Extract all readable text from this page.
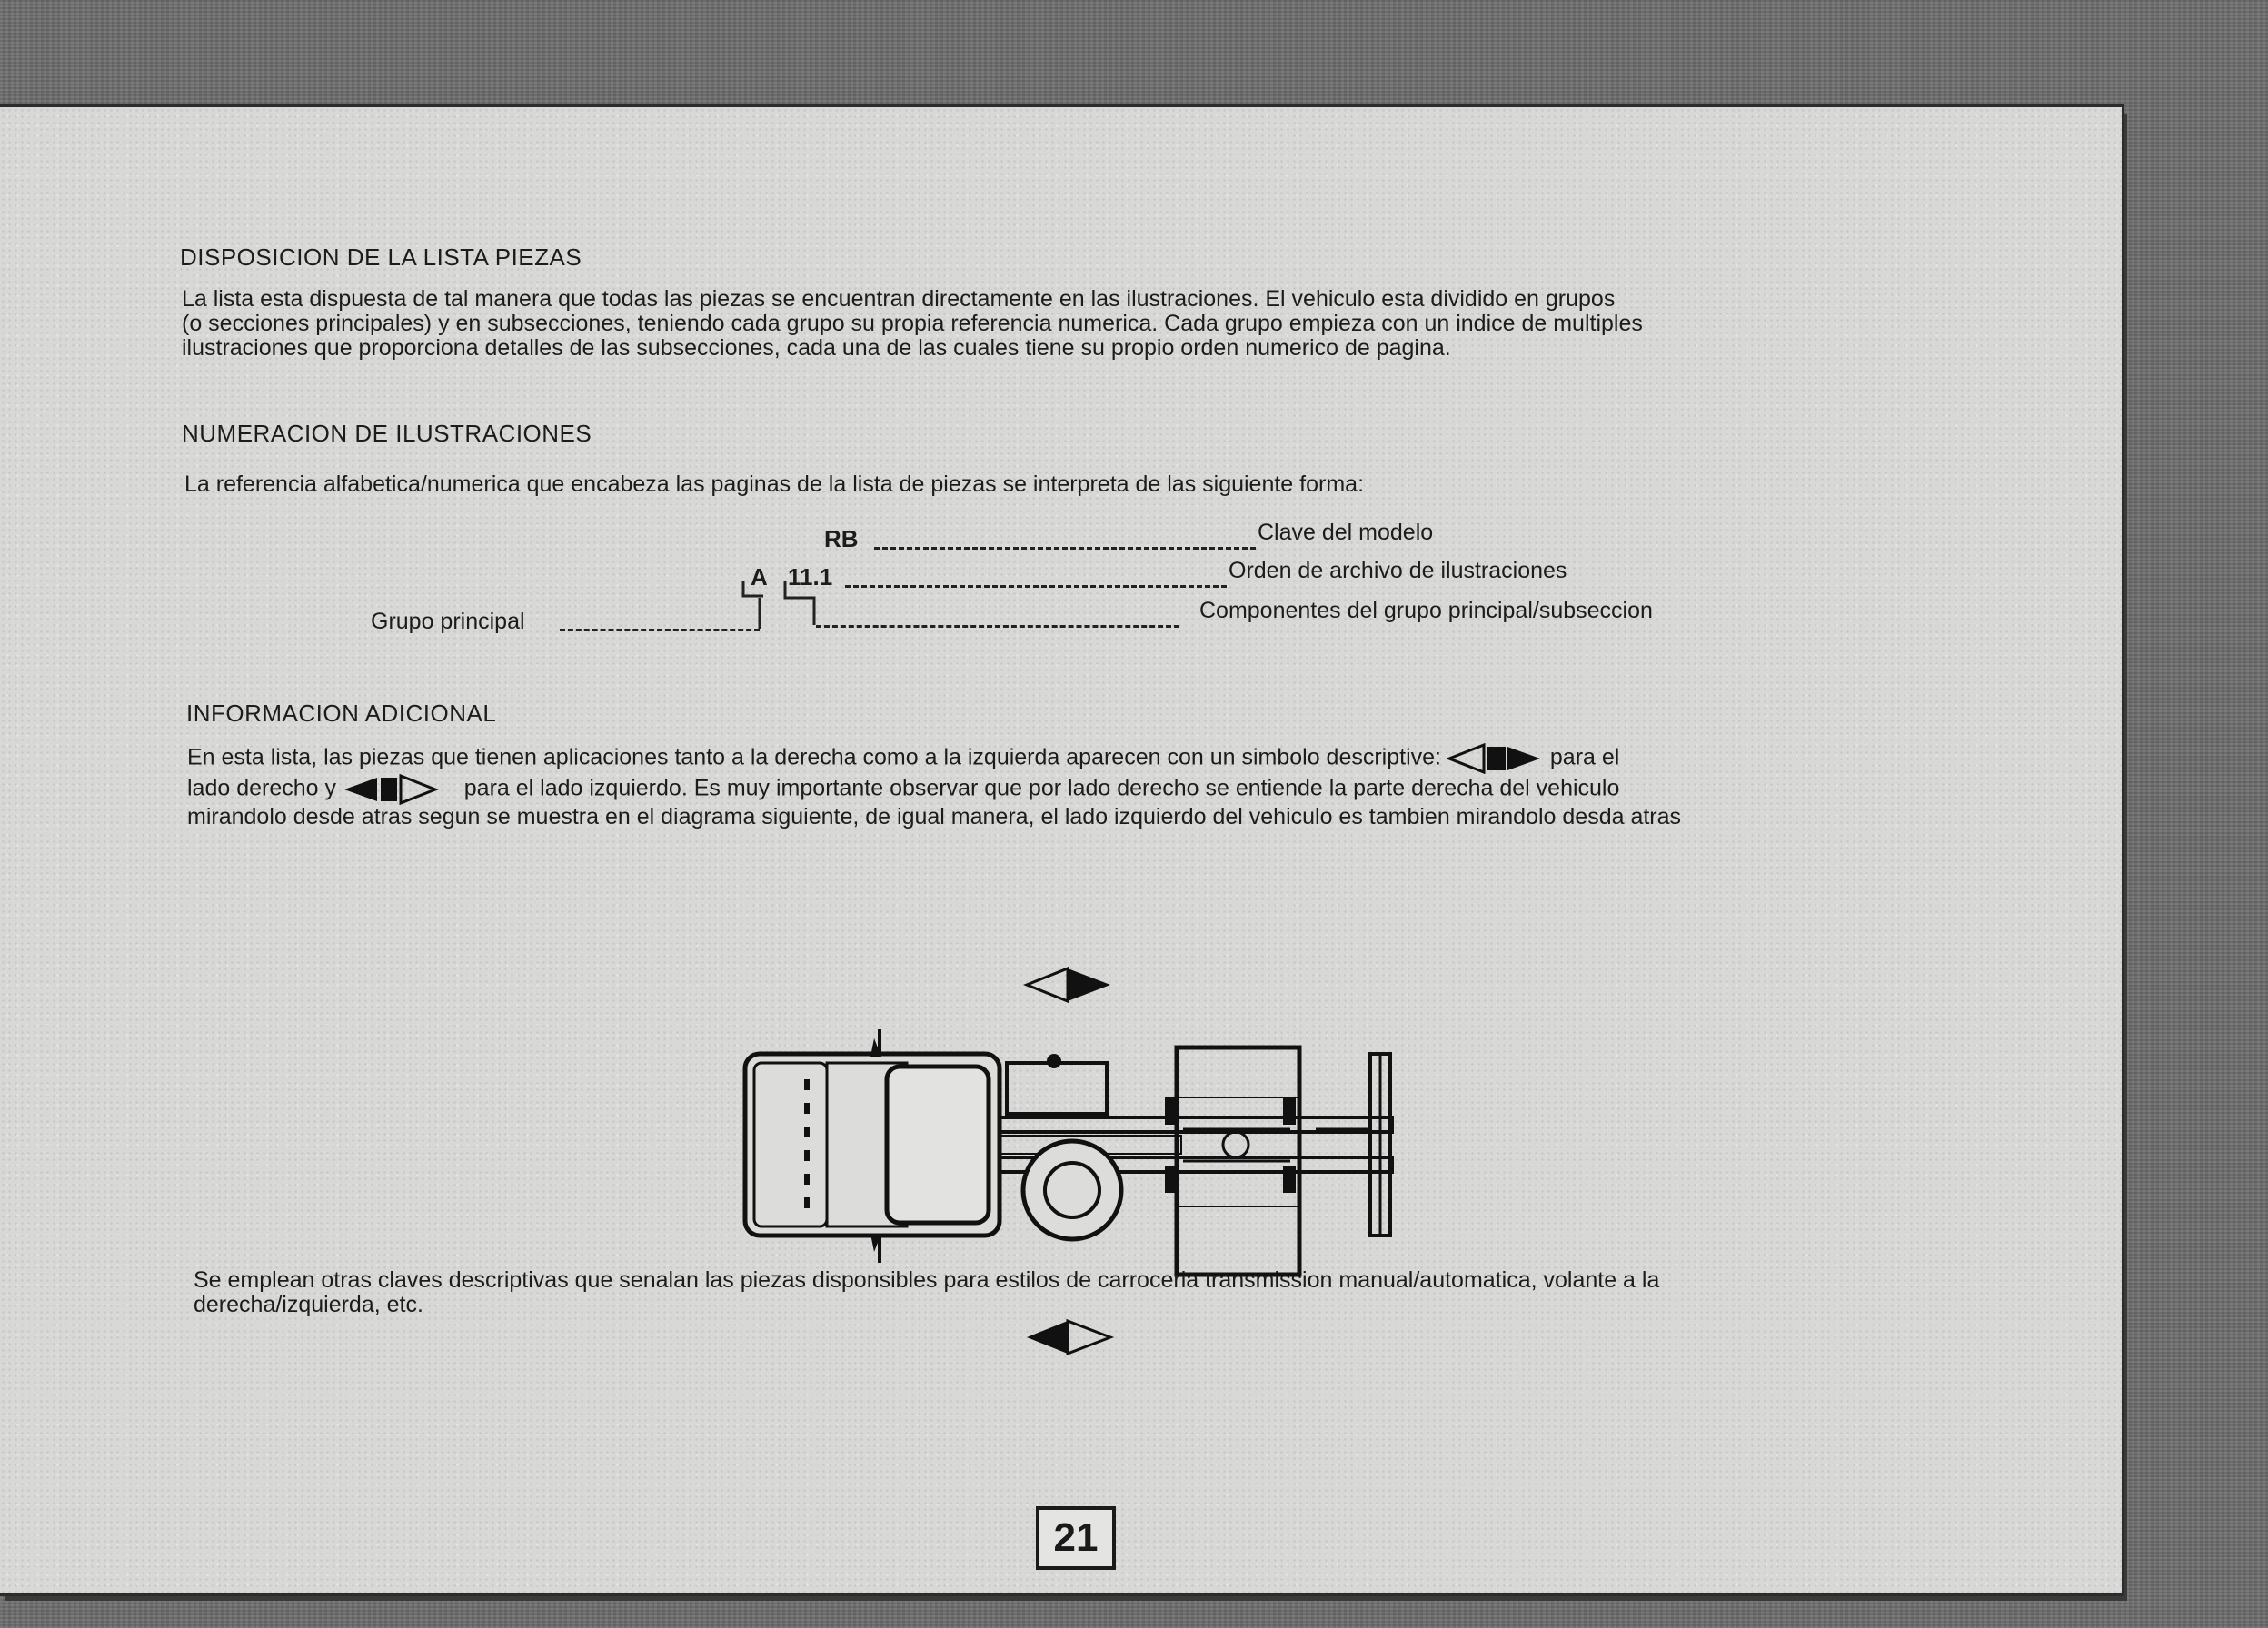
DISPOSICION DE LA LISTA PIEZAS

La lista esta dispuesta de tal manera que todas las piezas se encuentran directamente en las ilustraciones. El vehiculo esta dividido en grupos

(o secciones principales) y en subsecciones, teniendo cada grupo su propia referencia numerica. Cada grupo empieza con un indice de multiples

ilustraciones que proporciona detalles de las subsecciones, cada una de las cuales tiene su propio orden numerico de pagina.

NUMERACION DE ILUSTRACIONES

La referencia alfabetica/numerica que encabeza las paginas de la lista de piezas se interpreta de las siguiente forma:

RB	Clave del modelo
A 11.1	Orden de archivo de ilustraciones
Grupo principal	Componentes del grupo principal/subseccion
INFORMACION ADICIONAL

En esta lista, las piezas que tienen aplicaciones tanto a la derecha como a la izquierda aparecen con un simbolo descriptive:	para el

lado derecho y	para el lado izquierdo. Es muy importante observar que por lado derecho se entiende la parte derecha del vehiculo

mirandolo desde atras segun se muestra en el diagrama siguiente, de igual manera, el lado izquierdo del vehiculo es tambien mirandolo desda atras

Se emplean otras claves descriptivas que senalan las piezas disponsibles para estilos de carroceria transmission manual/automatica, volante a la

derecha/izquierda, etc.

21
